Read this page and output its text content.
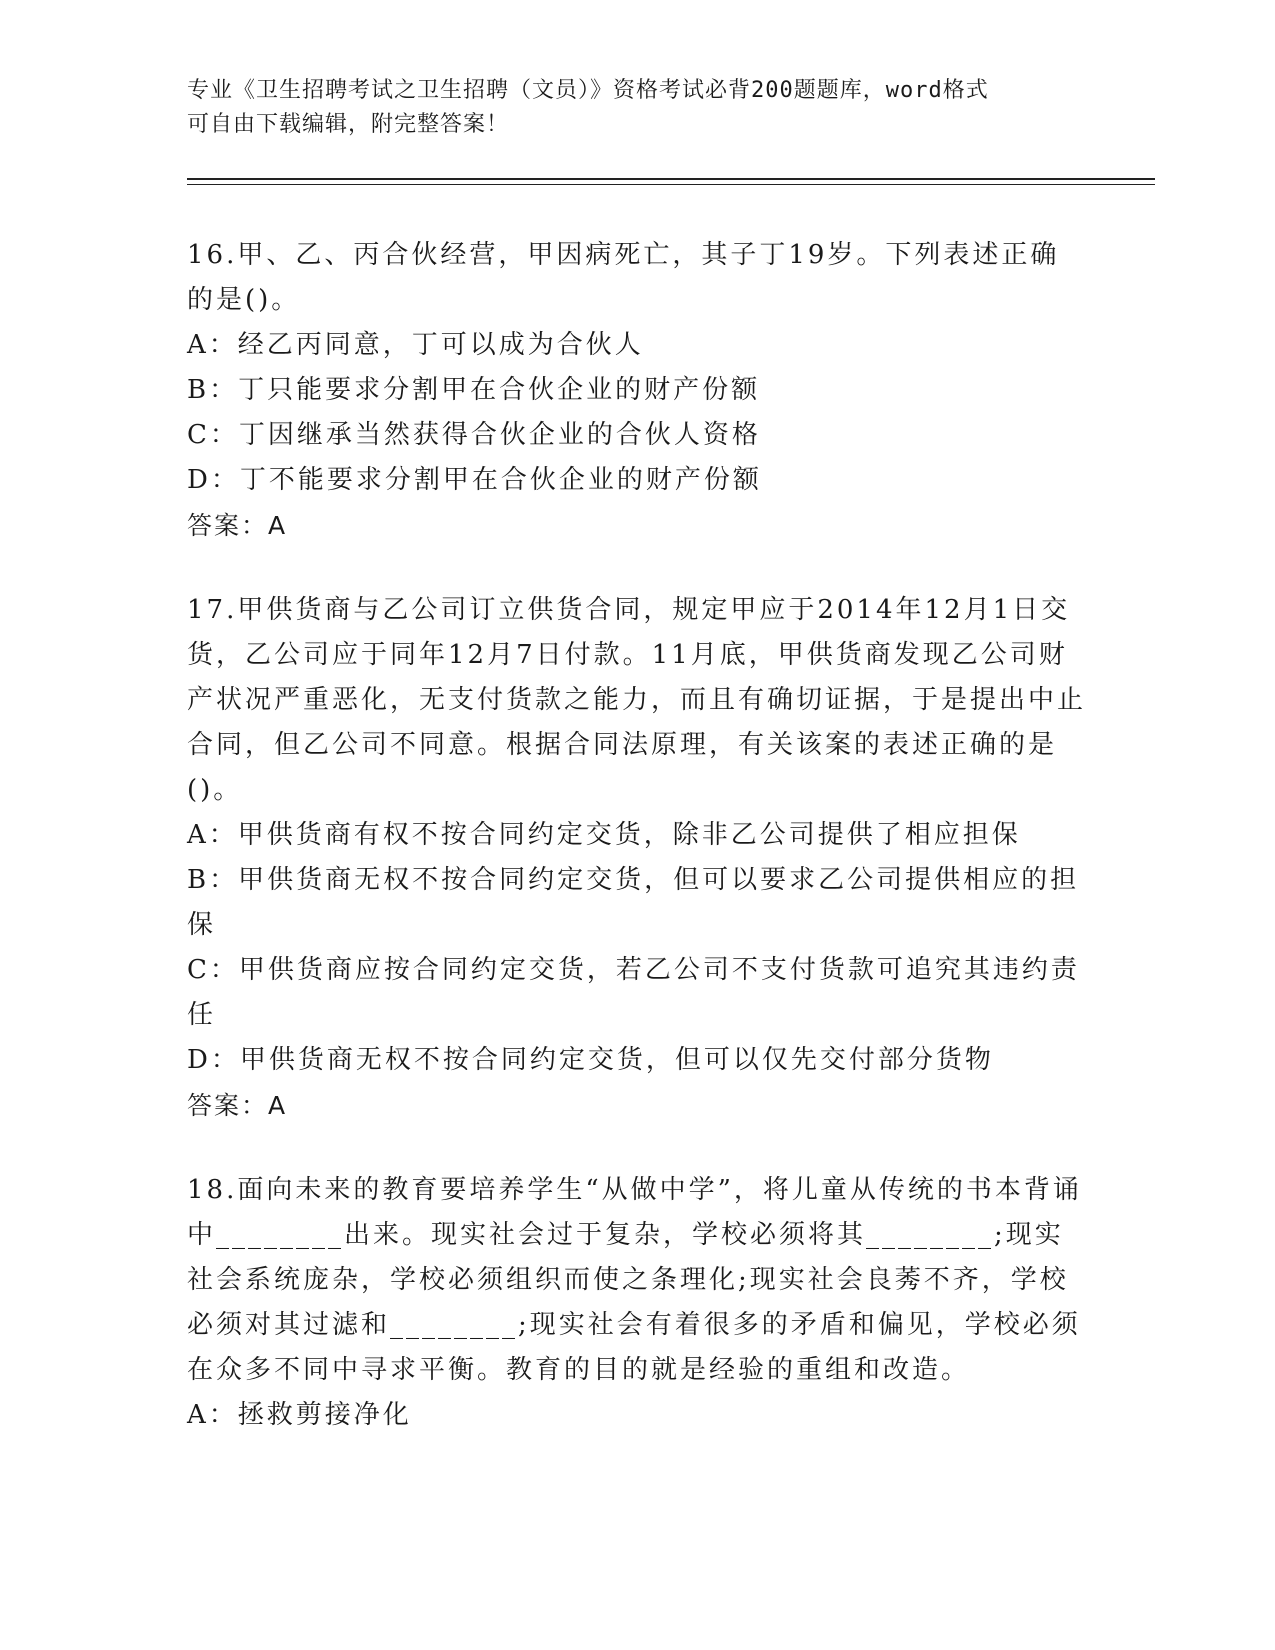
专业《卫生招聘考试之卫生招聘（文员）》资格考试必背200题题库，word格式
可自由下载编辑，附完整答案！
16.甲、乙、丙合伙经营，甲因病死亡，其子丁19岁。下列表述正确的是()。
A：经乙丙同意，丁可以成为合伙人
B：丁只能要求分割甲在合伙企业的财产份额
C：丁因继承当然获得合伙企业的合伙人资格
D：丁不能要求分割甲在合伙企业的财产份额
答案：A
17.甲供货商与乙公司订立供货合同，规定甲应于2014年12月1日交货，乙公司应于同年12月7日付款。11月底，甲供货商发现乙公司财产状况严重恶化，无支付货款之能力，而且有确切证据，于是提出中止合同，但乙公司不同意。根据合同法原理，有关该案的表述正确的是()。
A：甲供货商有权不按合同约定交货，除非乙公司提供了相应担保
B：甲供货商无权不按合同约定交货，但可以要求乙公司提供相应的担保
C：甲供货商应按合同约定交货，若乙公司不支付货款可追究其违约责任
D：甲供货商无权不按合同约定交货，但可以仅先交付部分货物
答案：A
18.面向未来的教育要培养学生“从做中学”，将儿童从传统的书本背诵中________出来。现实社会过于复杂，学校必须将其________;现实社会系统庞杂，学校必须组织而使之条理化;现实社会良莠不齐，学校必须对其过滤和________;现实社会有着很多的矛盾和偏见，学校必须在众多不同中寻求平衡。教育的目的就是经验的重组和改造。
A：拯救剪接净化
